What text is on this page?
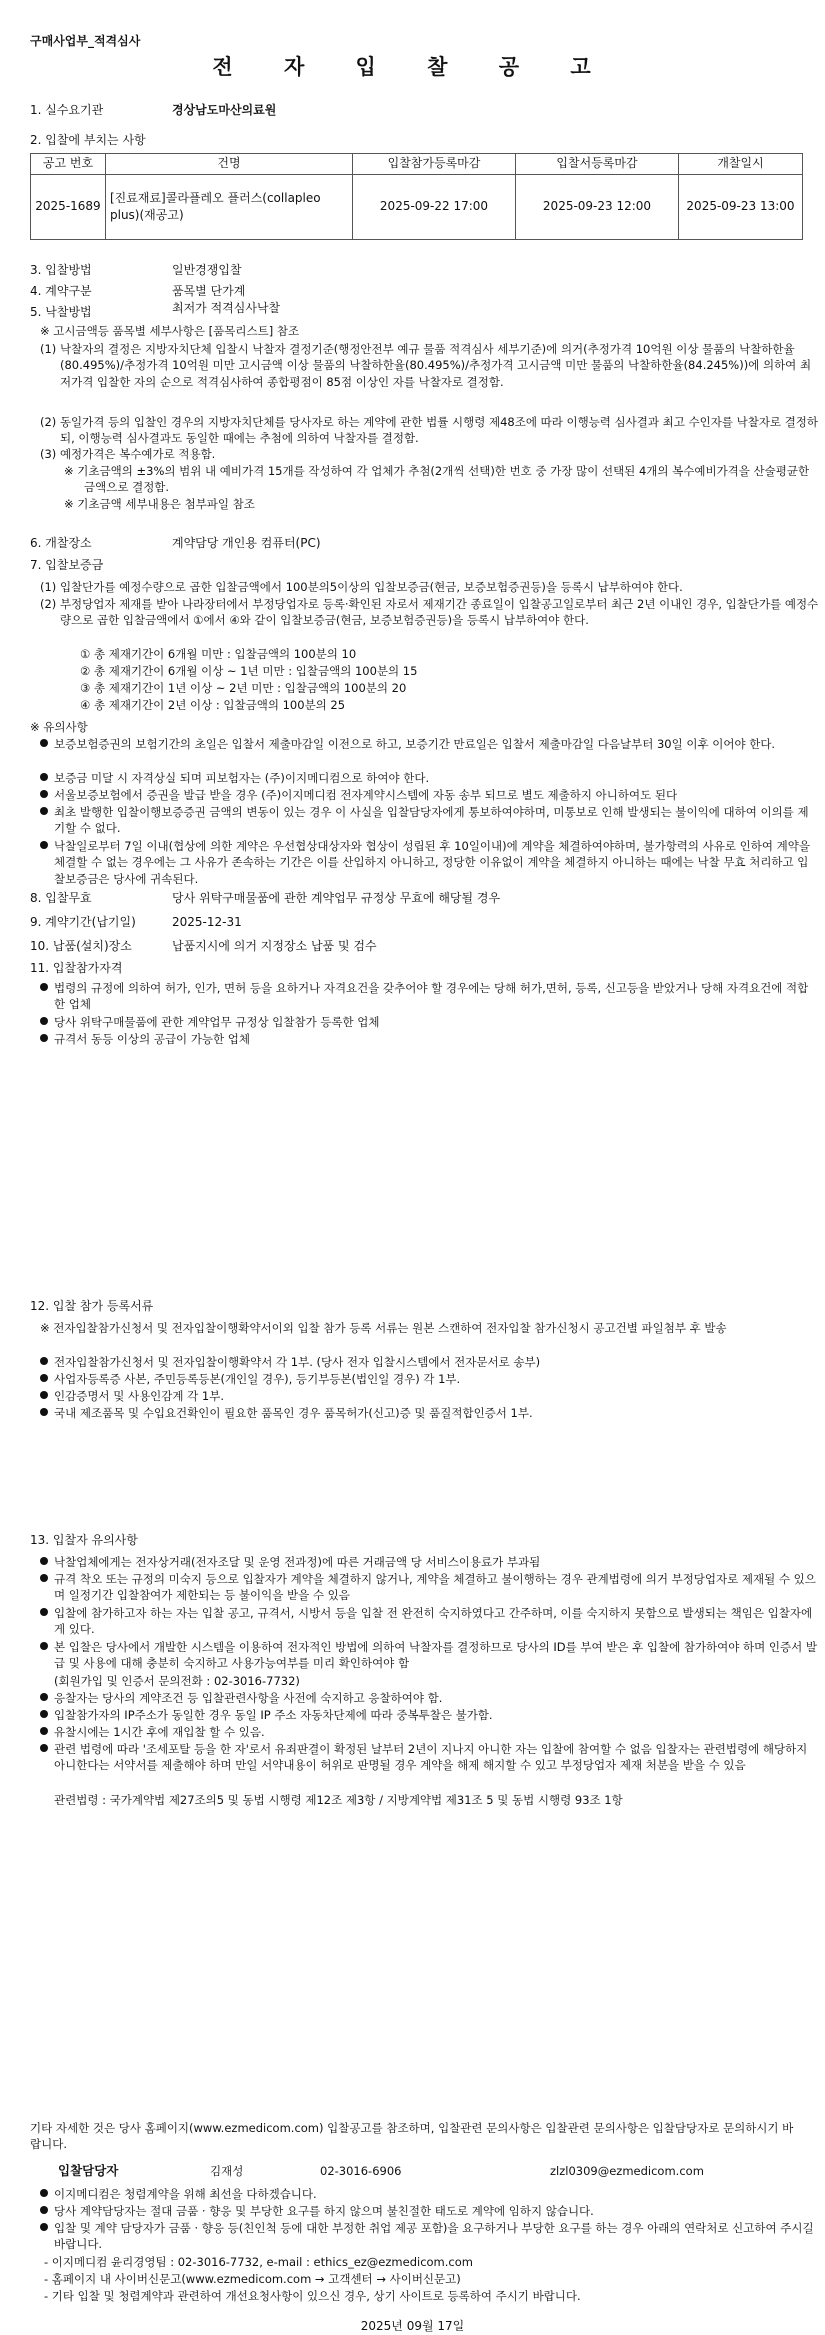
구매사업부_적격심사
전 자 입 찰 공 고
1. 실수요기관	경상남도마산의료원
2. 입찰에 부치는 사항
공고 번호	건명	입찰참가등록마감	입찰서등록마감	개찰일시
2025-1689	[진료재료]콜라플레오 플러스(collapleo plus)(재공고)	2025-09-22 17:00	2025-09-23 12:00	2025-09-23 13:00
3. 입찰방법	일반경쟁입찰
4. 계약구분	품목별 단가계
5. 낙찰방법	최저가 적격심사낙찰
※ 고시금액등 품목별 세부사항은 [품목리스트] 참조
(1) 낙찰자의 결정은 지방자치단체 입찰시 낙찰자 결정기준(행정안전부 예규 물품 적격심사 세부기준)에 의거(추정가격 10억원 이상 물품의 낙찰하한율(80.495%)/추정가격 10억원 미만 고시금액 이상 물품의 낙찰하한율(80.495%)/추정가격 고시금액 미만 물품의 낙찰하한율(84.245%))에 의하여 최저가격 입찰한 자의 순으로 적격심사하여 종합평점이 85점 이상인 자를 낙찰자로 결정함.
(2) 동일가격 등의 입찰인 경우의 지방자치단체를 당사자로 하는 계약에 관한 법률 시행령 제48조에 따라 이행능력 심사결과 최고 수인자를 낙찰자로 결정하되, 이행능력 심사결과도 동일한 때에는 추첨에 의하여 낙찰자를 결정함.
(3) 예정가격은 복수예가로 적용함.
※ 기초금액의 ±3%의 범위 내 예비가격 15개를 작성하여 각 업체가 추첨(2개씩 선택)한 번호 중 가장 많이 선택된 4개의 복수예비가격을 산술평균한 금액으로 결정함.
※ 기초금액 세부내용은 첨부파일 참조
6. 개찰장소	계약담당 개인용 컴퓨터(PC)
7. 입찰보증금
(1) 입찰단가를 예정수량으로 곱한 입찰금액에서 100분의5이상의 입찰보증금(현금, 보증보험증권등)을 등록시 납부하여야 한다.
(2) 부정당업자 제재를 받아 나라장터에서 부정당업자로 등록·확인된 자로서 제재기간 종료일이 입찰공고일로부터 최근 2년 이내인 경우, 입찰단가를 예정수량으로 곱한 입찰금액에서 ①에서 ④와 같이 입찰보증금(현금, 보증보험증권등)을 등록시 납부하여야 한다.
① 총 제재기간이 6개월 미만 : 입찰금액의 100분의 10
② 총 제재기간이 6개월 이상 ~ 1년 미만 : 입찰금액의 100분의 15
③ 총 제재기간이 1년 이상 ~ 2년 미만 : 입찰금액의 100분의 20
④ 총 제재기간이 2년 이상 : 입찰금액의 100분의 25
※ 유의사항
보증보험증권의 보험기간의 초일은 입찰서 제출마감일 이전으로 하고, 보증기간 만료일은 입찰서 제출마감일 다음날부터 30일 이후 이어야 한다.
보증금 미달 시 자격상실 되며 피보험자는 (주)이지메디컴으로 하여야 한다.
서울보증보험에서 증권을 발급 받을 경우 (주)이지메디컴 전자계약시스템에 자동 송부 되므로 별도 제출하지 아니하여도 된다
최초 발행한 입찰이행보증증권 금액의 변동이 있는 경우 이 사실을 입찰담당자에게 통보하여야하며, 미통보로 인해 발생되는 불이익에 대하여 이의를 제기할 수 없다.
낙찰일로부터 7일 이내(협상에 의한 계약은 우선협상대상자와 협상이 성립된 후 10일이내)에 계약을 체결하여야하며, 불가항력의 사유로 인하여 계약을 체결할 수 없는 경우에는 그 사유가 존속하는 기간은 이를 산입하지 아니하고, 정당한 이유없이 계약을 체결하지 아니하는 때에는 낙찰 무효 처리하고 입찰보증금은 당사에 귀속된다.
8. 입찰무효	당사 위탁구매물품에 관한 계약업무 규정상 무효에 해당될 경우
9. 계약기간(납기일)	2025-12-31
10. 납품(설치)장소	납품지시에 의거 지정장소 납품 및 검수
11. 입찰참가자격
법령의 규정에 의하여 허가, 인가, 면허 등을 요하거나 자격요건을 갖추어야 할 경우에는 당해 허가,면허, 등록, 신고등을 받았거나 당해 자격요건에 적합한 업체
당사 위탁구매물품에 관한 계약업무 규정상 입찰참가 등록한 업체
규격서 동등 이상의 공급이 가능한 업체
12. 입찰 참가 등록서류
※ 전자입찰참가신청서 및 전자입찰이행확약서이외 입찰 참가 등록 서류는 원본 스캔하여 전자입찰 참가신청시 공고건별 파일첨부 후 발송
전자입찰참가신청서 및 전자입찰이행확약서 각 1부. (당사 전자 입찰시스템에서 전자문서로 송부)
사업자등록증 사본, 주민등록등본(개인일 경우), 등기부등본(법인일 경우) 각 1부.
인감증명서 및 사용인감계 각 1부.
국내 제조품목 및 수입요건확인이 필요한 품목인 경우 품목허가(신고)증 및 품질적합인증서 1부.
13. 입찰자 유의사항
낙찰업체에게는 전자상거래(전자조달 및 운영 전과정)에 따른 거래금액 당 서비스이용료가 부과됨
규격 착오 또는 규정의 미숙지 등으로 입찰자가 계약을 체결하지 않거나, 계약을 체결하고 불이행하는 경우 관계법령에 의거 부정당업자로 제재될 수 있으며 일정기간 입찰참여가 제한되는 등 불이익을 받을 수 있음
입찰에 참가하고자 하는 자는 입찰 공고, 규격서, 시방서 등을 입찰 전 완전히 숙지하였다고 간주하며, 이를 숙지하지 못함으로 발생되는 책임은 입찰자에게 있다.
본 입찰은 당사에서 개발한 시스템을 이용하여 전자적인 방법에 의하여 낙찰자를 결정하므로 당사의 ID를 부여 받은 후 입찰에 참가하여야 하며 인증서 발급 및 사용에 대해 충분히 숙지하고 사용가능여부를 미리 확인하여야 함
(회원가입 및 인증서 문의전화 : 02-3016-7732)
응찰자는 당사의 계약조건 등 입찰관련사항을 사전에 숙지하고 응찰하여야 함.
입찰참가자의 IP주소가 동일한 경우 동일 IP 주소 자동차단제에 따라 중복투찰은 불가함.
유찰시에는 1시간 후에 재입찰 할 수 있음.
관련 법령에 따라 '조세포탈 등을 한 자'로서 유죄판결이 확정된 날부터 2년이 지나지 아니한 자는 입찰에 참여할 수 없음 입찰자는 관련법령에 해당하지 아니한다는 서약서를 제출해야 하며 만일 서약내용이 허위로 판명될 경우 계약을 해제 해지할 수 있고 부정당업자 제재 처분을 받을 수 있음
관련법령 : 국가계약법 제27조의5 및 동법 시행령 제12조 제3항 / 지방계약법 제31조 5 및 동법 시행령 93조 1항
기타 자세한 것은 당사 홈페이지(www.ezmedicom.com) 입찰공고를 참조하며, 입찰관련 문의사항은 입찰관련 문의사항은 입찰담당자로 문의하시기 바랍니다.
입찰담당자	김재성	02-3016-6906	zlzl0309@ezmedicom.com
이지메디컴은 청렴계약을 위해 최선을 다하겠습니다.
당사 계약담당자는 절대 금품 · 향응 및 부당한 요구를 하지 않으며 불친절한 태도로 계약에 임하지 않습니다.
입찰 및 계약 담당자가 금품 · 향응 등(친인척 등에 대한 부정한 취업 제공 포함)을 요구하거나 부당한 요구를 하는 경우 아래의 연락처로 신고하여 주시길 바랍니다.
- 이지메디컴 윤리경영팀 : 02-3016-7732, e-mail : ethics_ez@ezmedicom.com
- 홈페이지 내 사이버신문고(www.ezmedicom.com → 고객센터 → 사이버신문고)
- 기타 입찰 및 청렴계약과 관련하여 개선요청사항이 있으신 경우, 상기 사이트로 등록하여 주시기 바랍니다.
2025년 09월 17일
